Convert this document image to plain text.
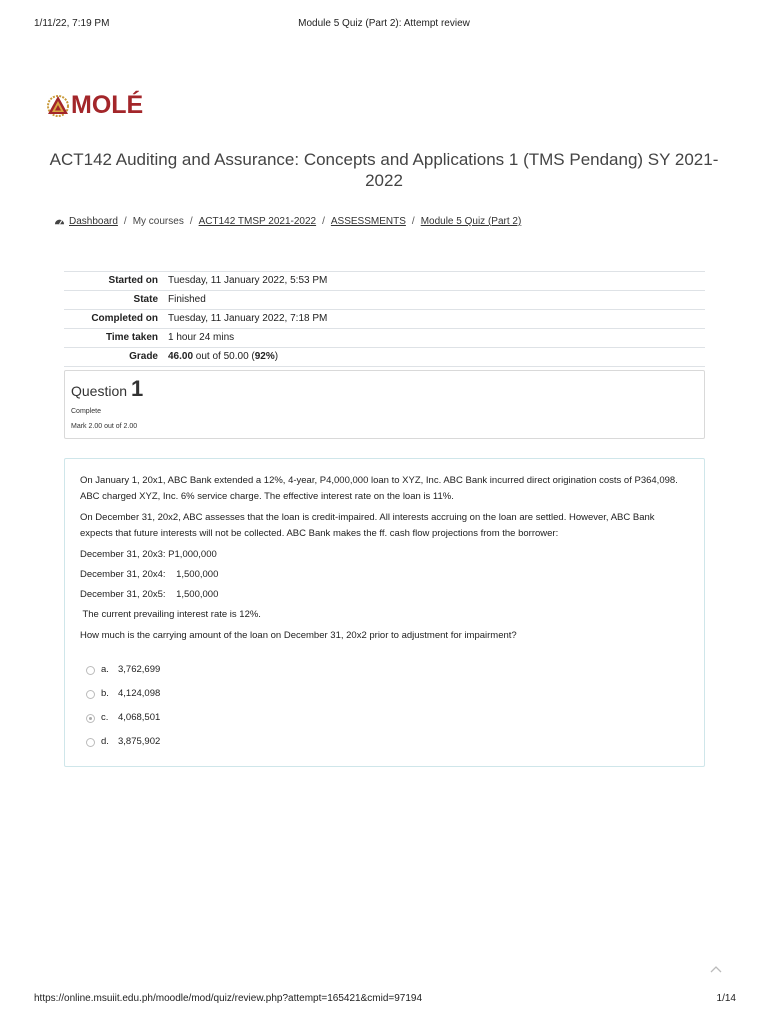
1/11/22, 7:19 PM	Module 5 Quiz (Part 2): Attempt review
MOLÉ
ACT142 Auditing and Assurance: Concepts and Applications 1 (TMS Pendang) SY 2021-2022
Dashboard / My courses / ACT142 TMSP 2021-2022 / ASSESSMENTS / Module 5 Quiz (Part 2)
Started on	Tuesday, 11 January 2022, 5:53 PM
State	Finished
Completed on	Tuesday, 11 January 2022, 7:18 PM
Time taken	1 hour 24 mins
Grade	46.00 out of 50.00 (92%)
Question 1
Complete
Mark 2.00 out of 2.00

On January 1, 20x1, ABC Bank extended a 12%, 4-year, P4,000,000 loan to XYZ, Inc. ABC Bank incurred direct origination costs of P364,098. ABC charged XYZ, Inc. 6% service charge. The effective interest rate on the loan is 11%.

On December 31, 20x2, ABC assesses that the loan is credit-impaired. All interests accruing on the loan are settled. However, ABC Bank expects that future interests will not be collected. ABC Bank makes the ff. cash flow projections from the borrower:

December 31, 20x3: P1,000,000

December 31, 20x4:    1,500,000

December 31, 20x5:    1,500,000

The current prevailing interest rate is 12%.

How much is the carrying amount of the loan on December 31, 20x2 prior to adjustment for impairment?

a. 3,762,699
b. 4,124,098
c.	4,068,501
d. 3,875,902
https://online.msuiit.edu.ph/moodle/mod/quiz/review.php?attempt=165421&cmid=97194	1/14
